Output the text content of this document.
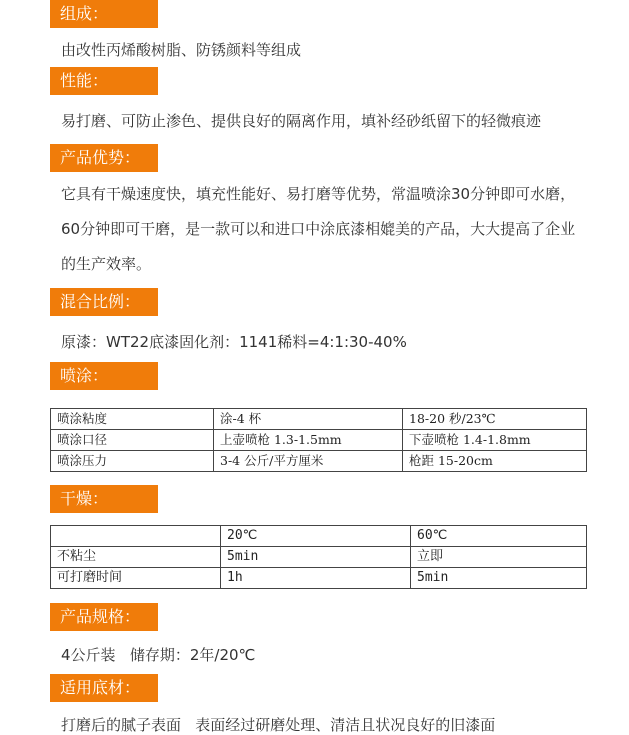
组成：
由改性丙烯酸树脂、防锈颜料等组成
性能：
易打磨、可防止渗色、提供良好的隔离作用，填补经砂纸留下的轻微痕迹
产品优势：
它具有干燥速度快，填充性能好、易打磨等优势，常温喷涂30分钟即可水磨，60分钟即可干磨，是一款可以和进口中涂底漆相媲美的产品，大大提高了企业的生产效率。
混合比例：
原漆：WT22底漆固化剂：1141稀料=4:1:30-40%
喷涂：
喷涂粘度	涂-4 杯	18-20 秒/23℃
喷涂口径	上壶喷枪 1.3-1.5mm	下壶喷枪 1.4-1.8mm
喷涂压力	3-4 公斤/平方厘米	枪距 15-20cm
干燥：
	20℃	60℃
不粘尘	5min	立即
可打磨时间	1h	5min
产品规格：
4公斤装   储存期：2年/20℃
适用底材：
打磨后的腻子表面   表面经过研磨处理、清洁且状况良好的旧漆面
